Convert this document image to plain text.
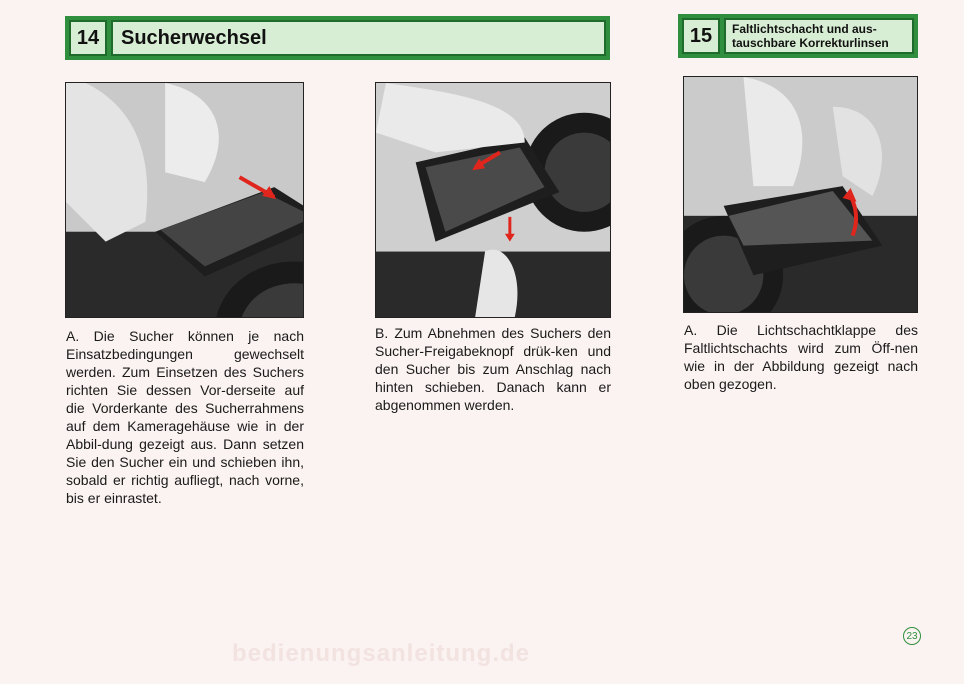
14	Sucherwechsel	15	Faltlichtschacht und aus-
tauschbare Korrekturlinsen

A. Die Sucher können je nach Einsatzbedingungen gewechselt werden. Zum Einsetzen des Suchers richten Sie dessen Vor-derseite auf die Vorderkante des Sucherrahmens auf dem Kameragehäuse wie in der Abbil-dung gezeigt aus. Dann setzen Sie den Sucher ein und schieben ihn, sobald er richtig aufliegt, nach vorne, bis er einrastet.

B. Zum Abnehmen des Suchers den Sucher-Freigabeknopf drük-ken und den Sucher bis zum Anschlag nach hinten schieben. Danach kann er abgenommen werden.

A. Die Lichtschachtklappe des Faltlichtschachts wird zum Öff-nen wie in der Abbildung gezeigt nach oben gezogen.

bedienungsanleitung.de
23
